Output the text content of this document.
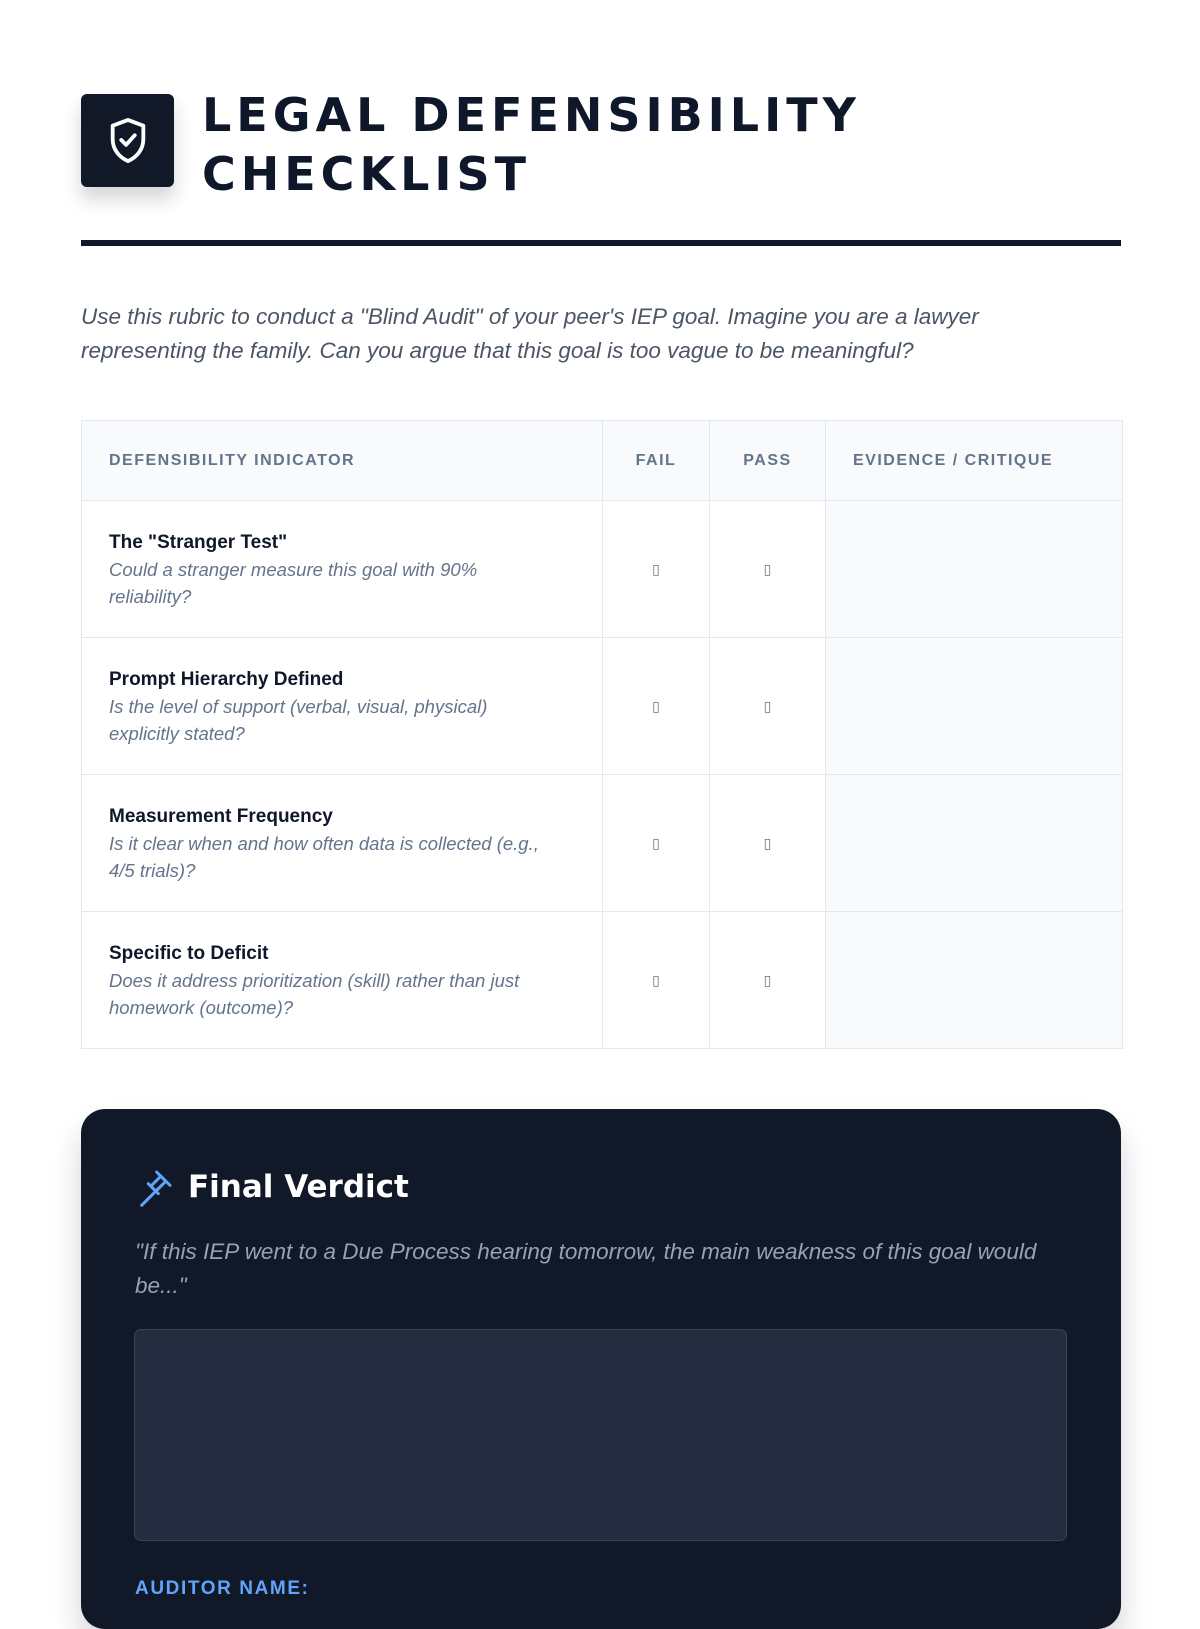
LEGAL DEFENSIBILITY CHECKLIST

Use this rubric to conduct a "Blind Audit" of your peer's IEP goal. Imagine you are a lawyer representing the family. Can you argue that this goal is too vague to be meaningful?

DEFENSIBILITY INDICATOR	FAIL	PASS	EVIDENCE / CRITIQUE

The "Stranger Test"
Could a stranger measure this goal with 90% reliability?	▯	▯	

Prompt Hierarchy Defined
Is the level of support (verbal, visual, physical) explicitly stated?	▯	▯	

Measurement Frequency
Is it clear when and how often data is collected (e.g., 4/5 trials)?	▯	▯	

Specific to Deficit
Does it address prioritization (skill) rather than just homework (outcome)?	▯	▯	
Final Verdict

"If this IEP went to a Due Process hearing tomorrow, the main weakness of this goal would be..."

AUDITOR NAME:
